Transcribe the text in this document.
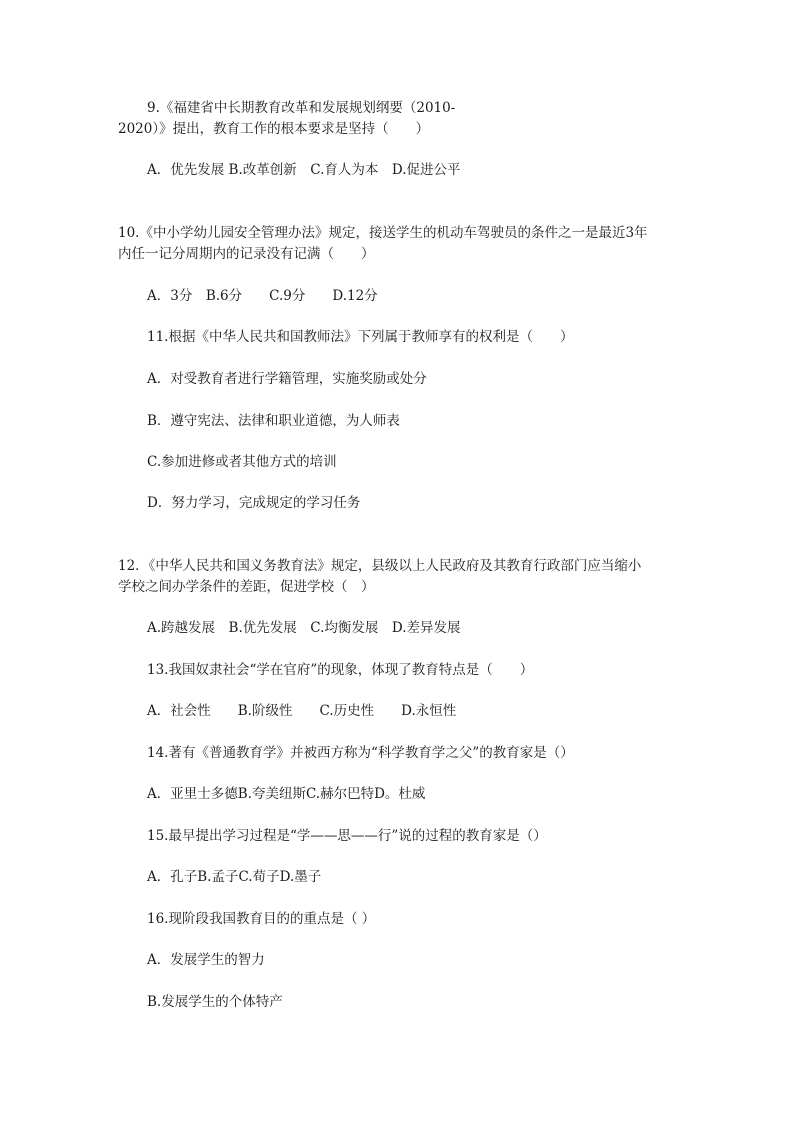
9.《福建省中长期教育改革和发展规划纲要（2010-
2020）》提出，教育工作的根本要求是坚持（　　）
A．优先发展 B.改革创新　C.育人为本　D.促进公平
10.《中小学幼儿园安全管理办法》规定，接送学生的机动车驾驶员的条件之一是最近3年
内任一记分周期内的记录没有记满（　　）
A．3分　B.6分　　C.9分　　D.12分
11.根据《中华人民共和国教师法》下列属于教师享有的权利是（　　）
A．对受教育者进行学籍管理，实施奖励或处分
B．遵守宪法、法律和职业道德，为人师表
C.参加进修或者其他方式的培训
D．努力学习，完成规定的学习任务
12．《中华人民共和国义务教育法》规定，县级以上人民政府及其教育行政部门应当缩小
学校之间办学条件的差距，促进学校（　）
A.跨越发展　B.优先发展　C.均衡发展　D.差异发展
13.我国奴隶社会“学在官府”的现象，体现了教育特点是（　　）
A．社会性　　B.阶级性　　C.历史性　　D.永恒性
14.著有《普通教育学》并被西方称为“科学教育学之父”的教育家是（）
A．亚里士多德B.夸美纽斯C.赫尔巴特D。杜威
15.最早提出学习过程是“学——思——行”说的过程的教育家是（）
A．孔子B.孟子C.荀子D.墨子
16.现阶段我国教育目的的重点是（ ）
A．发展学生的智力
B.发展学生的个体特产
